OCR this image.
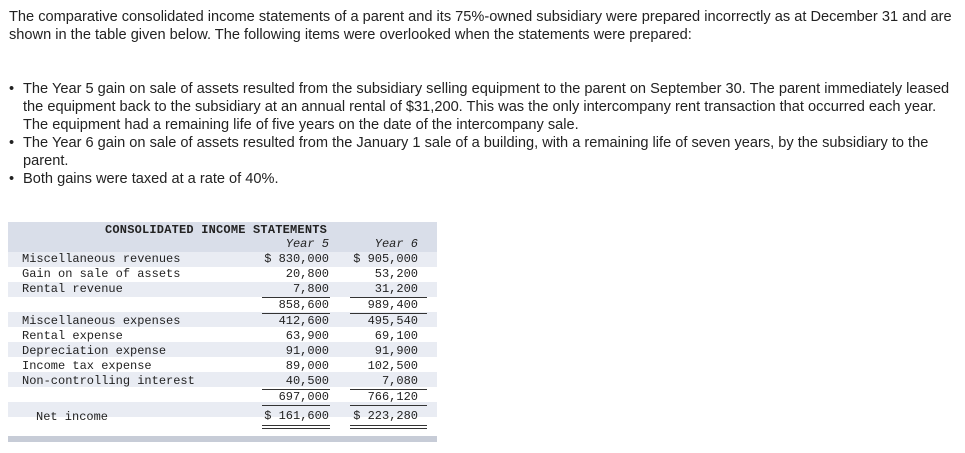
The comparative consolidated income statements of a parent and its 75%-owned subsidiary were prepared incorrectly as at December 31 and are shown in the table given below. The following items were overlooked when the statements were prepared:
• The Year 5 gain on sale of assets resulted from the subsidiary selling equipment to the parent on September 30. The parent immediately leased the equipment back to the subsidiary at an annual rental of $31,200. This was the only intercompany rent transaction that occurred each year. The equipment had a remaining life of five years on the date of the intercompany sale.
• The Year 6 gain on sale of assets resulted from the January 1 sale of a building, with a remaining life of seven years, by the subsidiary to the parent.
• Both gains were taxed at a rate of 40%.
CONSOLIDATED INCOME STATEMENTS
Year 5	Year 6
Miscellaneous revenues	$ 830,000 $ 905,000
Gain on sale of assets	20,800	53,200
Rental revenue	7,800	31,200
858,600	989,400
Miscellaneous expenses	412,600	495,540
Rental expense	63,900	69,100
Depreciation expense	91,000	91,900
Income tax expense	89,000	102,500
Non-controlling interest	40,500	7,080
697,000	766,120
Net income	$ 161,600 $ 223,280
